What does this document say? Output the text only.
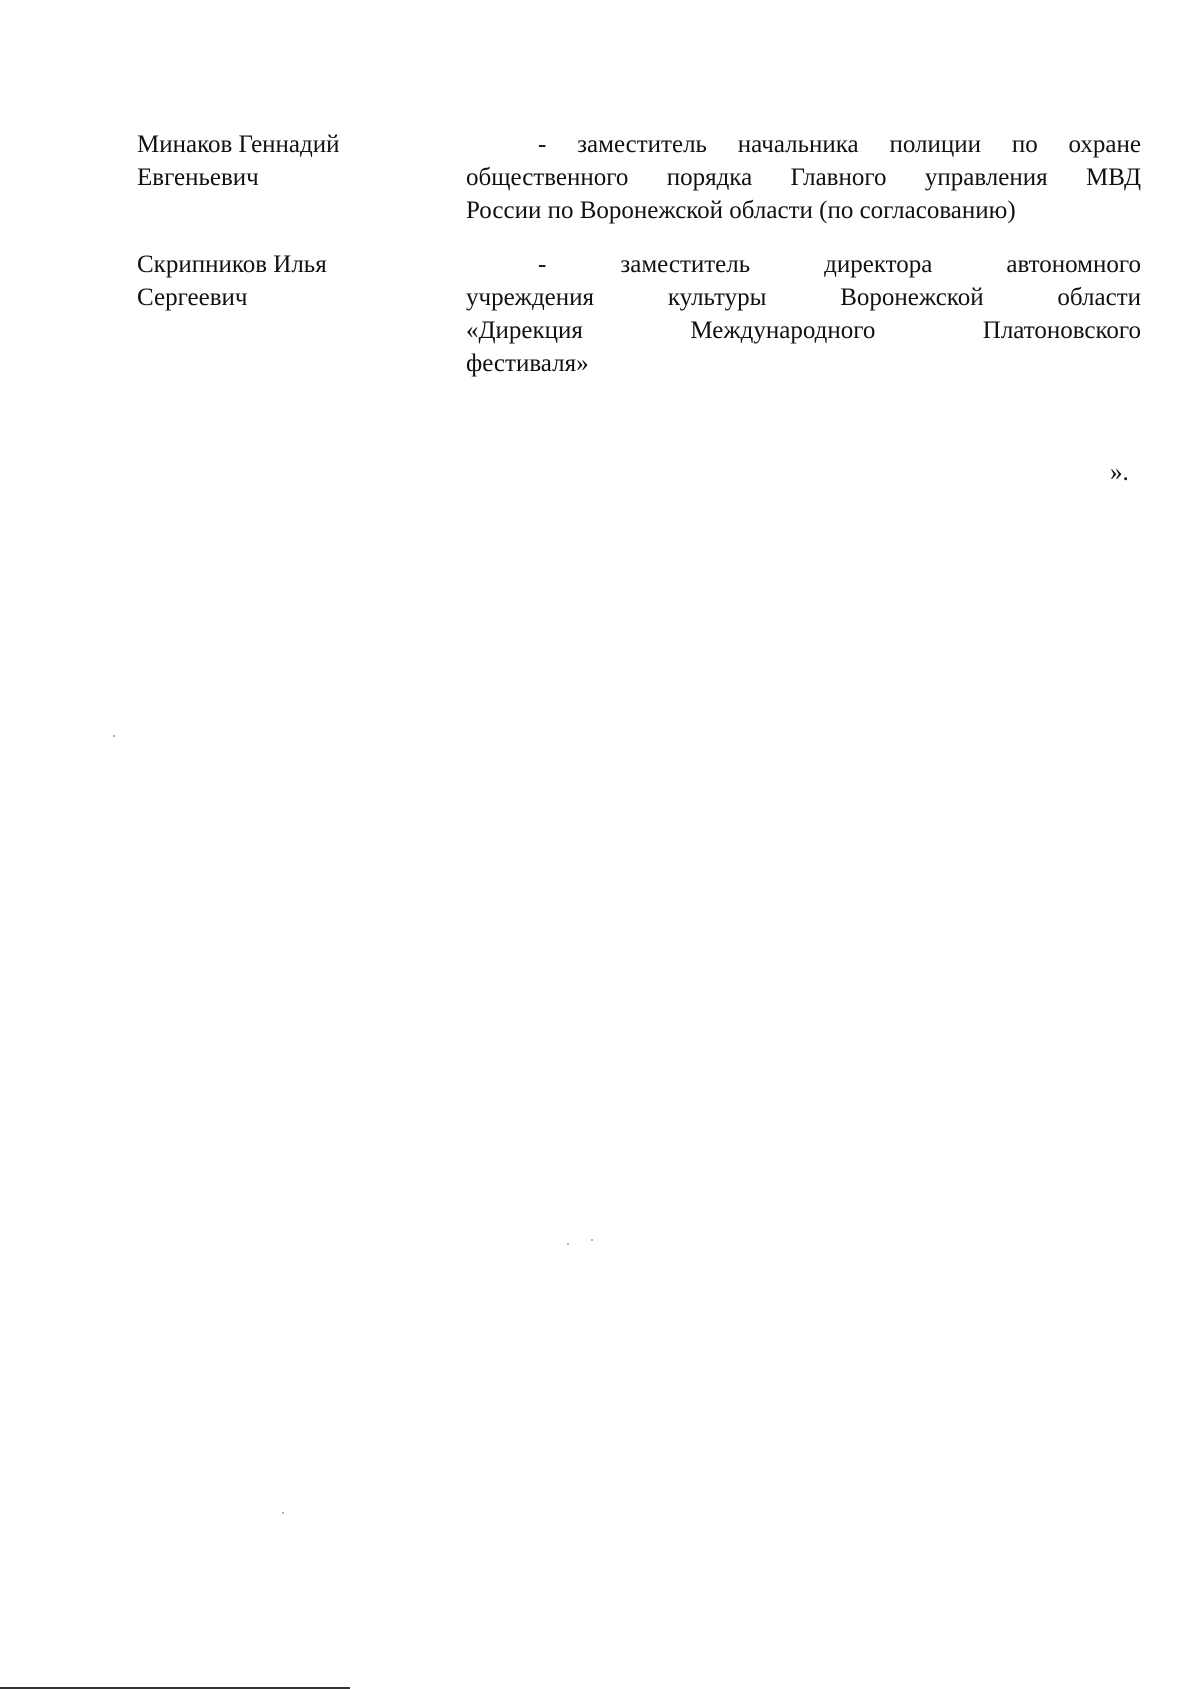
Минаков Геннадий
Евгеньевич
- заместитель начальника полиции по охране
общественного порядка Главного управления МВД
России по Воронежской области (по согласованию)
Скрипников Илья
Сергеевич
- заместитель директора автономного
учреждения культуры Воронежской области
«Дирекция Международного Платоновского
фестиваля»
».
